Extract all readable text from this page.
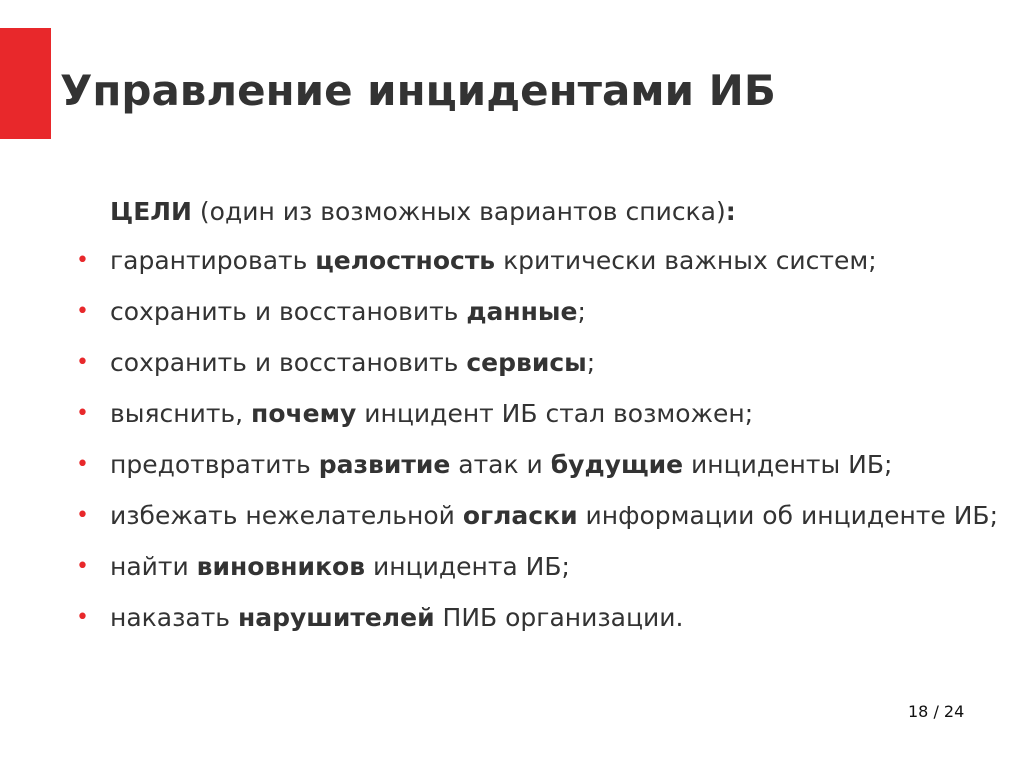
Управление инцидентами ИБ
ЦЕЛИ (один из возможных вариантов списка):
• гарантировать целостность критически важных систем;
• сохранить и восстановить данные;
• сохранить и восстановить сервисы;
• выяснить, почему инцидент ИБ стал возможен;
• предотвратить развитие атак и будущие инциденты ИБ;
• избежать нежелательной огласки информации об инциденте ИБ;
• найти виновников инцидента ИБ;
• наказать нарушителей ПИБ организации.
18 / 24
